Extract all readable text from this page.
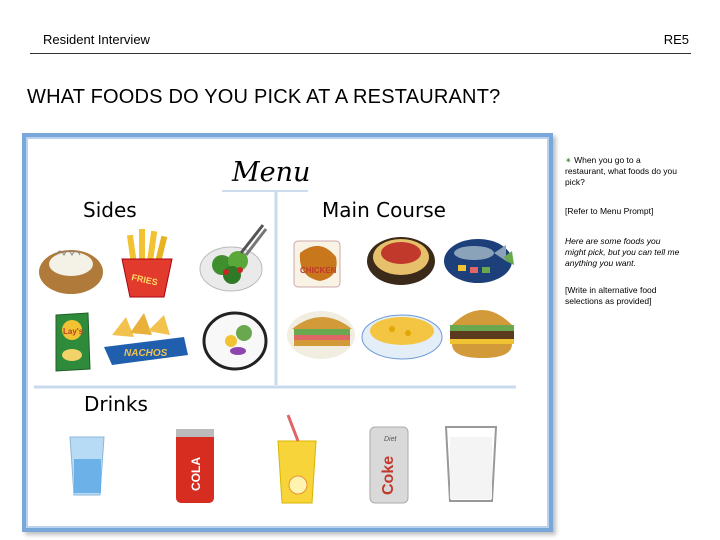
Resident Interview	RE5
WHAT FOODS DO YOU PICK AT A RESTAURANT?
FRIES
Lay's
NACHOS
CHICKEN
COLA
Diet
Coke
Menu
Sides	Main Course
Drinks
✴ When you go to a restaurant, what foods do you pick?
[Refer to Menu Prompt]
Here are some foods you might pick, but you can tell me anything you want.
[Write in alternative food selections as provided]
